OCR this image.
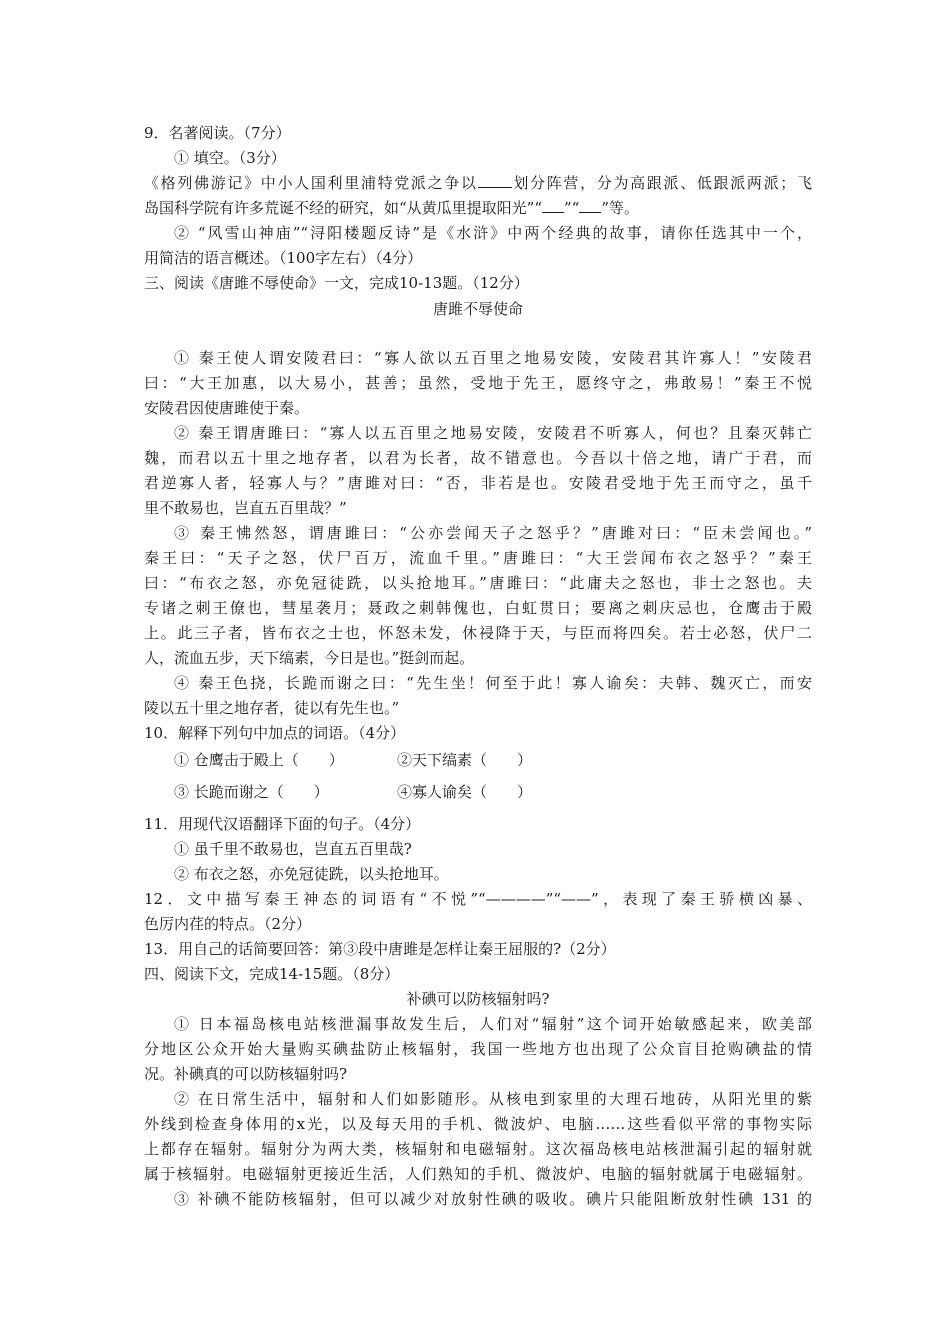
9．名著阅读。（7分）
① 填空。（3分）
《格列佛游记》中小人国利里浦特党派之争以 划分阵营，分为高跟派、低跟派两派；飞
岛国科学院有许多荒诞不经的研究，如“从黄瓜里提取阳光”“ ”“ ”等。
② “风雪山神庙”“浔阳楼题反诗”是《水浒》中两个经典的故事，请你任选其中一个，
用简洁的语言概述。（100字左右）（4分）
三、阅读《唐雎不辱使命》一文，完成10-13题。（12分）
唐雎不辱使命
① 秦王使人谓安陵君曰：“寡人欲以五百里之地易安陵，安陵君其许寡人！”安陵君
曰：“大王加惠，以大易小，甚善；虽然，受地于先王，愿终守之，弗敢易！”秦王不悦
安陵君因使唐雎使于秦。
② 秦王谓唐雎曰：“寡人以五百里之地易安陵，安陵君不听寡人，何也？且秦灭韩亡
魏，而君以五十里之地存者，以君为长者，故不错意也。今吾以十倍之地，请广于君，而
君逆寡人者，轻寡人与？”唐雎对曰：“否，非若是也。安陵君受地于先王而守之，虽千
里不敢易也，岂直五百里哉？”
③ 秦王怫然怒，谓唐雎曰：“公亦尝闻天子之怒乎？”唐雎对曰：“臣未尝闻也。”
秦王曰：“天子之怒，伏尸百万，流血千里。”唐雎曰：“大王尝闻布衣之怒乎？”秦王
曰：“布衣之怒，亦免冠徒跣，以头抢地耳。”唐雎曰：“此庸夫之怒也，非士之怒也。夫
专诸之刺王僚也，彗星袭月；聂政之刺韩傀也，白虹贯日；要离之刺庆忌也，仓鹰击于殿
上。此三子者，皆布衣之士也，怀怒未发，休祲降于天，与臣而将四矣。若士必怒，伏尸二
人，流血五步，天下缟素，今日是也。”挺剑而起。
④ 秦王色挠，长跪而谢之曰：“先生坐！何至于此！寡人谕矣：夫韩、魏灭亡，而安
陵以五十里之地存者，徒以有先生也。”
10．解释下列句中加点的词语。（4分）
① 仓鹰击于殿上（　　）	②天下缟素（　　）
③ 长跪而谢之（　　）	④寡人谕矣（　　）
11．用现代汉语翻译下面的句子。（4分）
① 虽千里不敢易也，岂直五百里哉?
② 布衣之怒，亦免冠徒跣，以头抢地耳。
12．文中描写秦王神态的词语有“不悦”“————”“——”，表现了秦王骄横凶暴、
色厉内荏的特点。（2分）
13．用自己的话简要回答：第③段中唐雎是怎样让秦王屈服的?（2分）
四、阅读下文，完成14-15题。（8分）
补碘可以防核辐射吗?
① 日本福岛核电站核泄漏事故发生后，人们对“辐射”这个词开始敏感起来，欧美部
分地区公众开始大量购买碘盐防止核辐射，我国一些地方也出现了公众盲目抢购碘盐的情
况。补碘真的可以防核辐射吗?
② 在日常生活中，辐射和人们如影随形。从核电到家里的大理石地砖，从阳光里的紫
外线到检查身体用的x光，以及每天用的手机、微波炉、电脑……这些看似平常的事物实际
上都存在辐射。辐射分为两大类，核辐射和电磁辐射。这次福岛核电站核泄漏引起的辐射就
属于核辐射。电磁辐射更接近生活，人们熟知的手机、微波炉、电脑的辐射就属于电磁辐射。
③ 补碘不能防核辐射，但可以减少对放射性碘的吸收。碘片只能阻断放射性碘 131 的
